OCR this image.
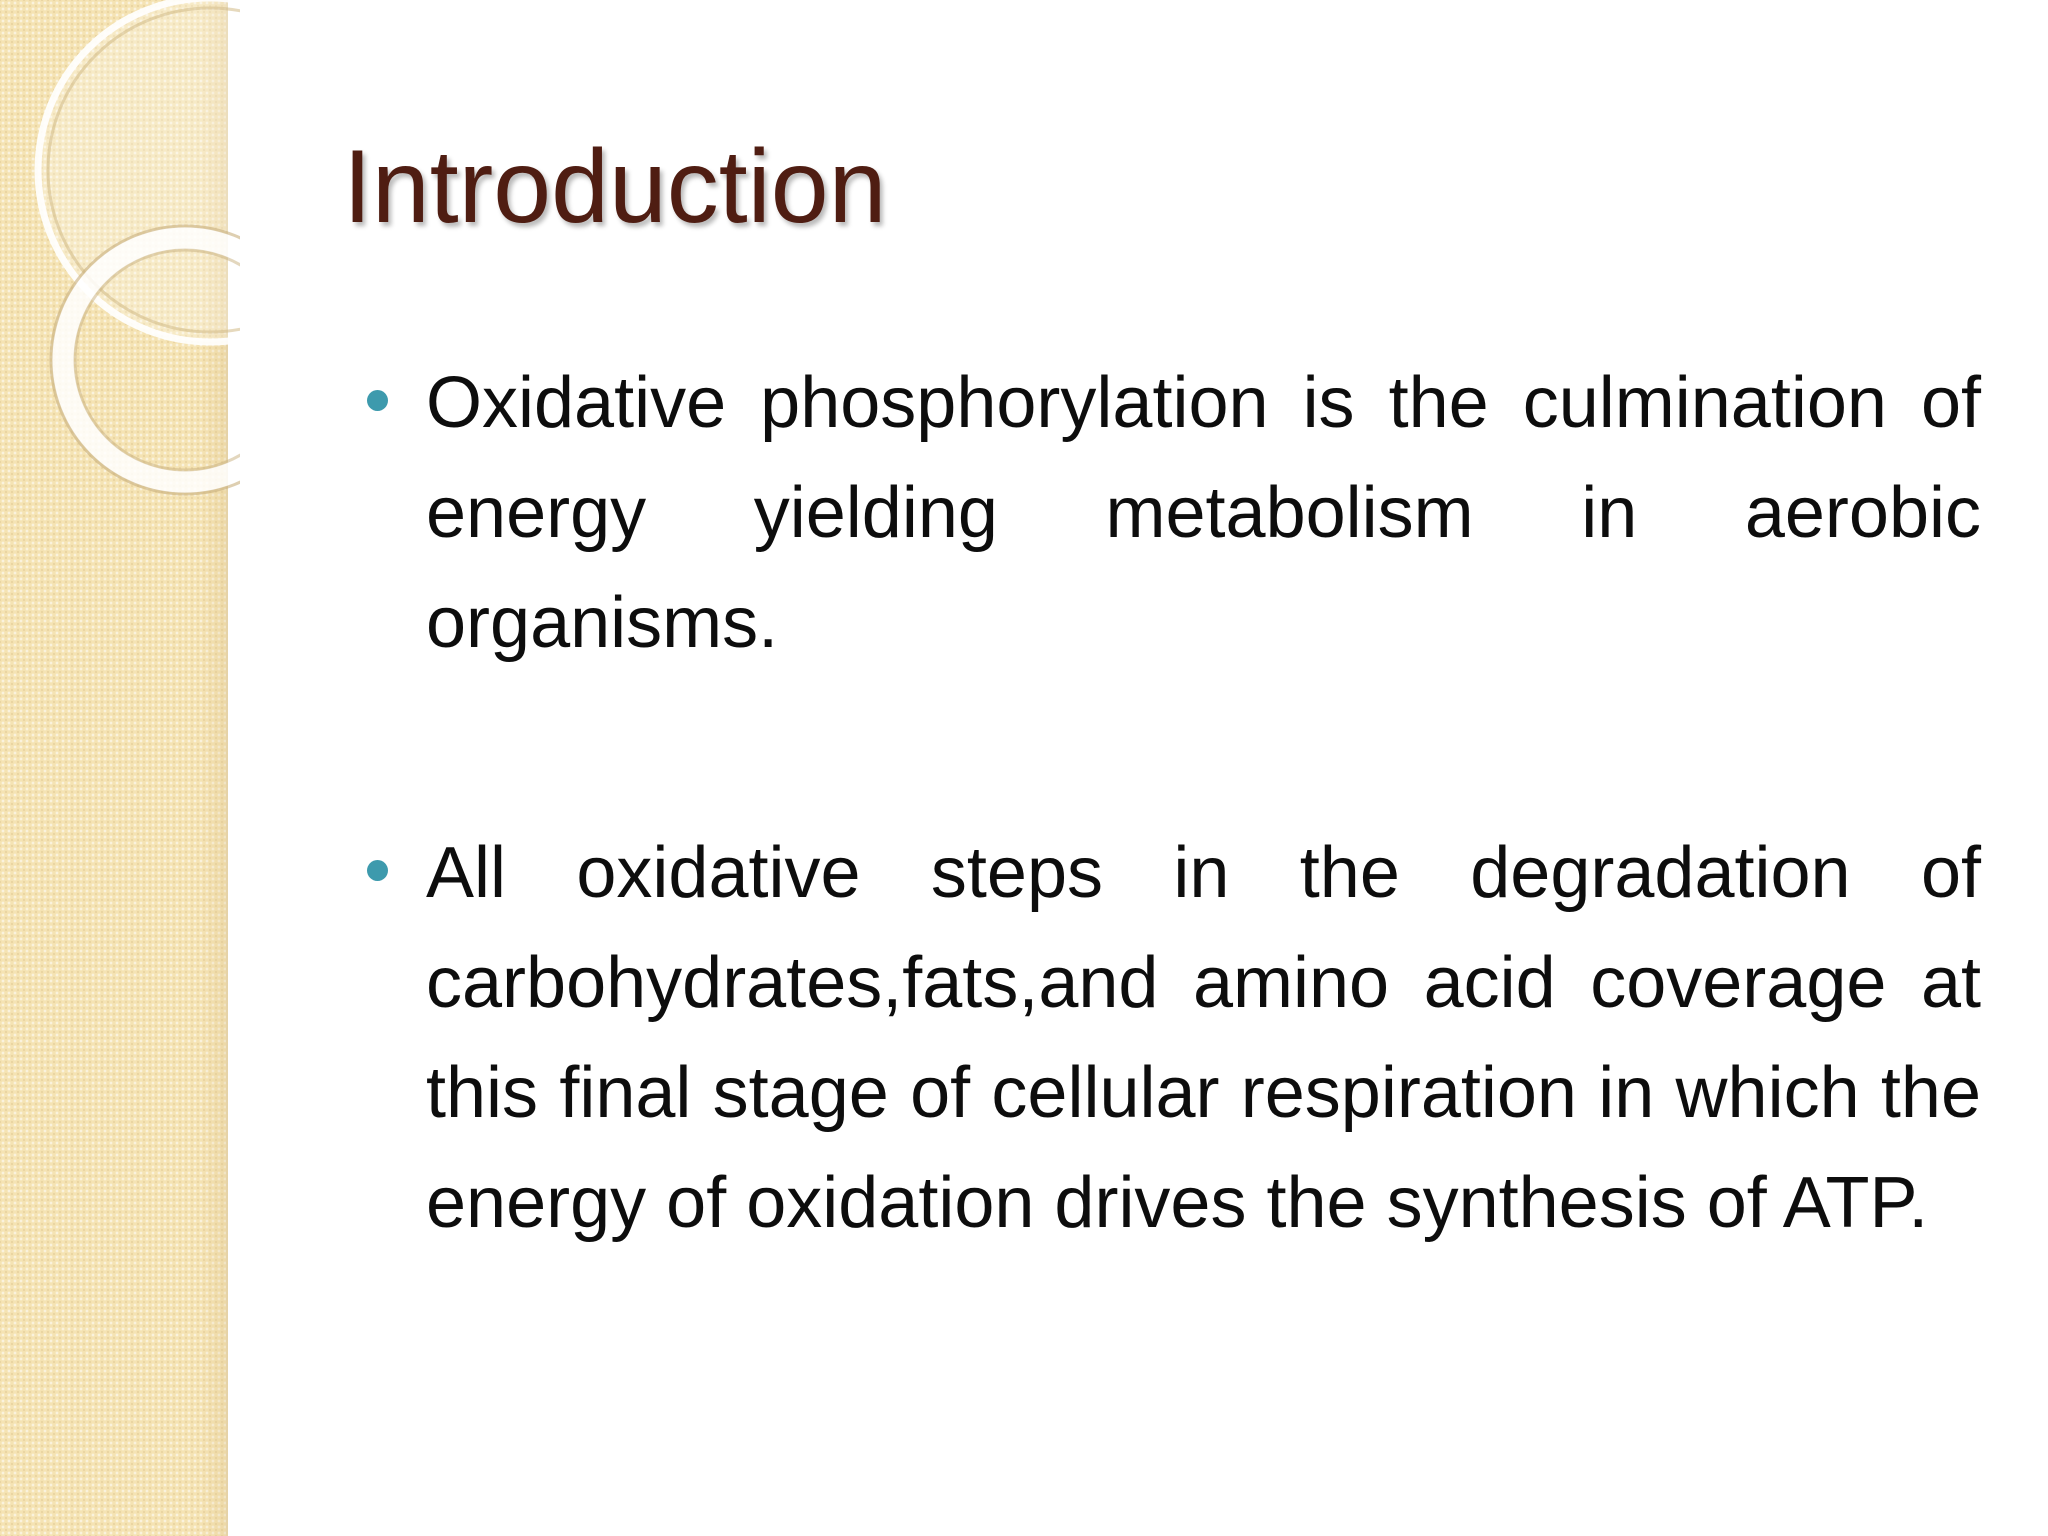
Introduction
Oxidative phosphorylation is the culmination of energy yielding metabolism in aerobic organisms.
All oxidative steps in the degradation of carbohydrates,fats,and amino acid coverage at this final stage of cellular respiration in which the energy of oxidation drives the synthesis of ATP.
